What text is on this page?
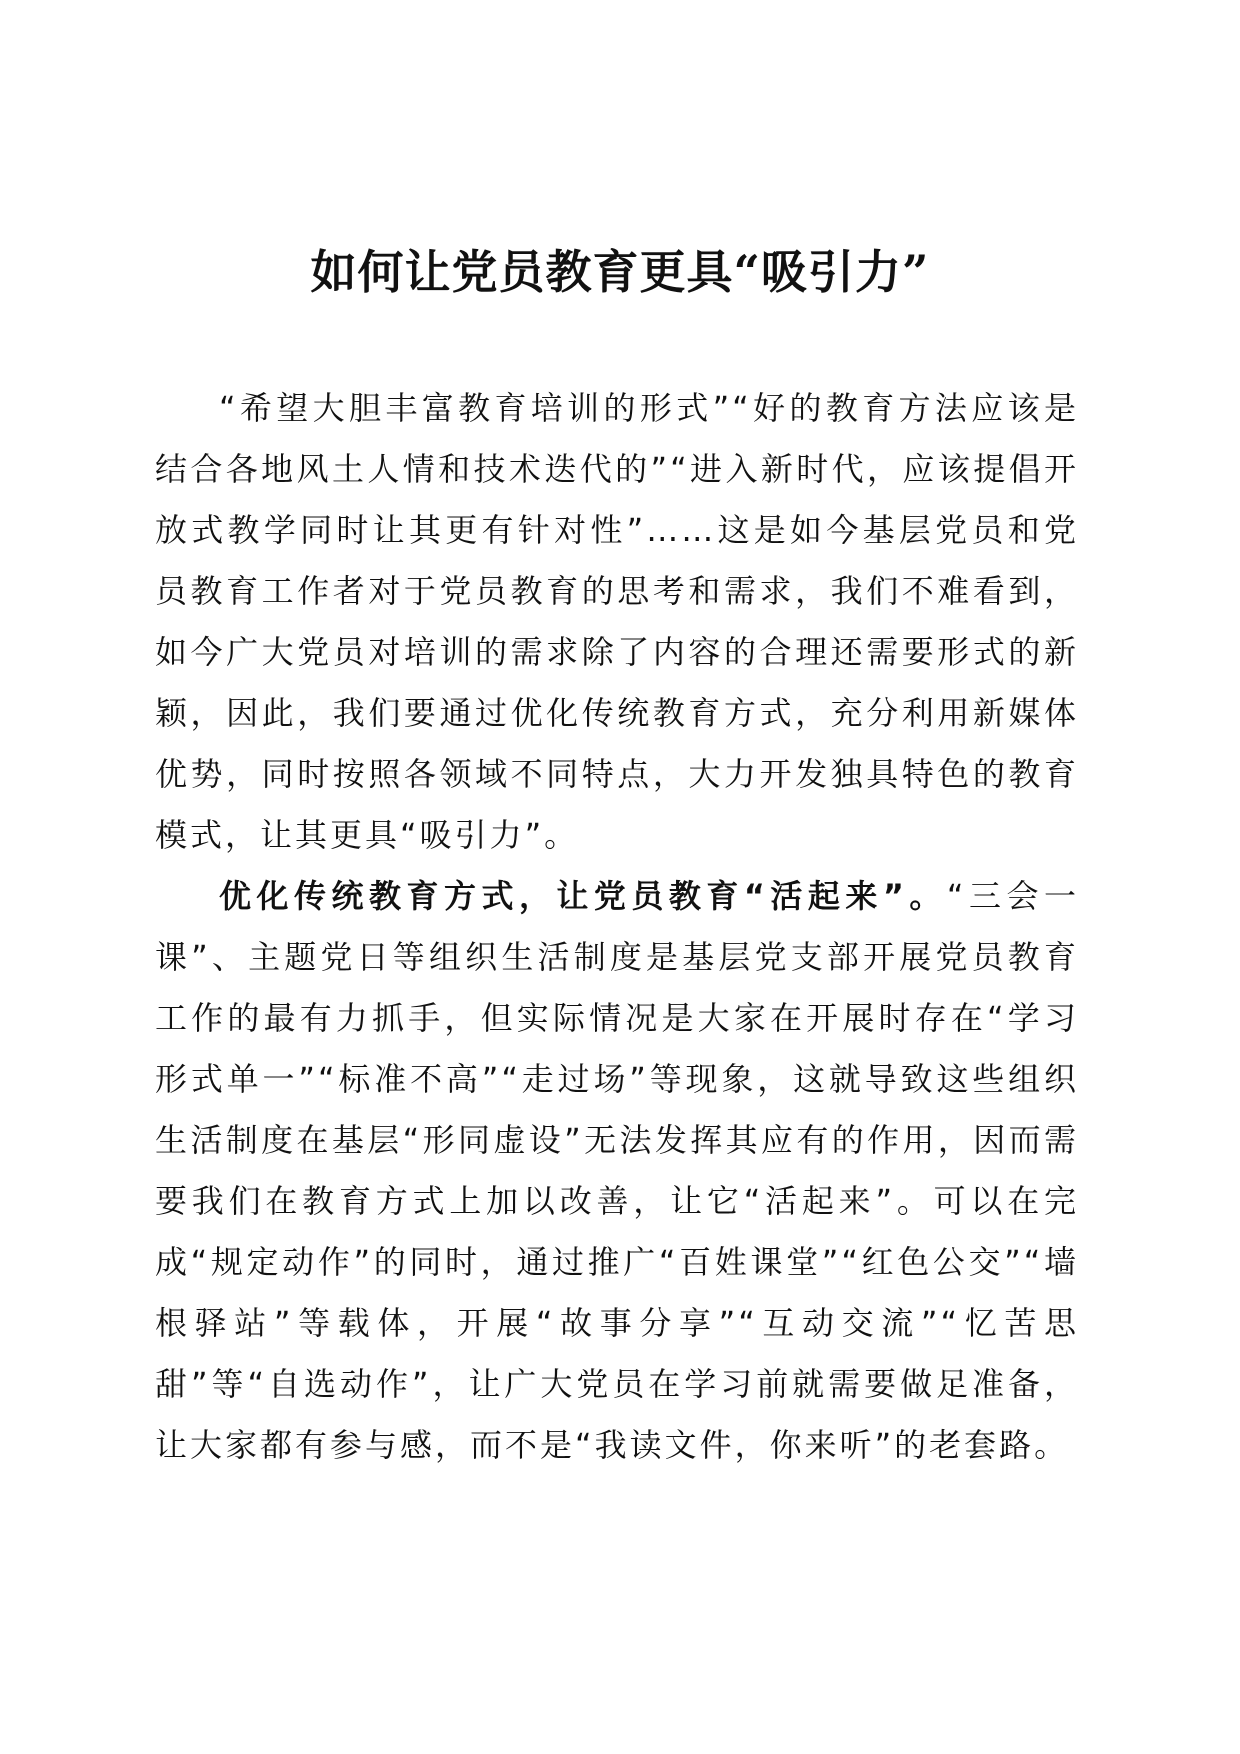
如何让党员教育更具“吸引力”

“希望大胆丰富教育培训的形式”“好的教育方法应该是结合各地风土人情和技术迭代的”“进入新时代，应该提倡开放式教学同时让其更有针对性”……这是如今基层党员和党员教育工作者对于党员教育的思考和需求，我们不难看到，如今广大党员对培训的需求除了内容的合理还需要形式的新颖，因此，我们要通过优化传统教育方式，充分利用新媒体优势，同时按照各领域不同特点，大力开发独具特色的教育模式，让其更具“吸引力”。

优化传统教育方式，让党员教育“活起来”。“三会一课”、主题党日等组织生活制度是基层党支部开展党员教育工作的最有力抓手，但实际情况是大家在开展时存在“学习形式单一”“标准不高”“走过场”等现象，这就导致这些组织生活制度在基层“形同虚设”无法发挥其应有的作用，因而需要我们在教育方式上加以改善，让它“活起来”。可以在完成“规定动作”的同时，通过推广“百姓课堂”“红色公交”“墙根驿站”等载体，开展“故事分享”“互动交流”“忆苦思甜”等“自选动作”，让广大党员在学习前就需要做足准备，让大家都有参与感，而不是“我读文件，你来听”的老套路。
